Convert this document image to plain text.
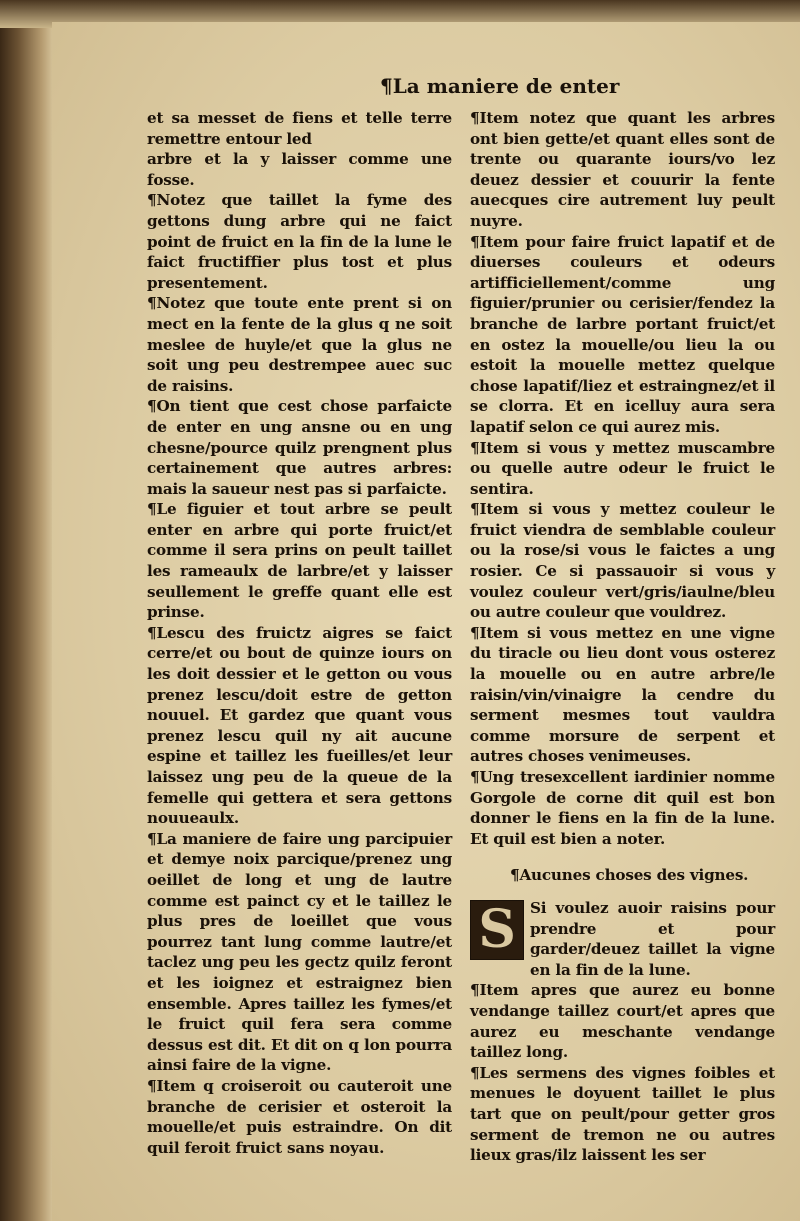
¶La maniere de enter

et sa messet de fiens et telle terre remettre entour led

arbre et la y laisser comme une fosse.

¶Notez que taillet la fyme des gettons dung arbre qui ne faict point de fruict en la fin de la lune le faict fructiffier plus tost et plus presentement.

¶Notez que toute ente prent si on mect en la fente de la glus q ne soit meslee de huyle/et que la glus ne soit ung peu destrempee auec suc de raisins.

¶On tient que cest chose parfaicte de enter en ung ansne ou en ung chesne/pource quilz prengnent plus certainement que autres arbres: mais la saueur nest pas si parfaicte.

¶Le figuier et tout arbre se peult enter en arbre qui porte fruict/et comme il sera prins on peult taillet les rameaulx de larbre/et y laisser seullement le greffe quant elle est prinse.

¶Lescu des fruictz aigres se faict cerre/et ou bout de quinze iours on les doit dessier et le getton ou vous prenez lescu/doit estre de getton nouuel. Et gardez que quant vous prenez lescu quil ny ait aucune espine et taillez les fueilles/et leur laissez ung peu de la queue de la femelle qui gettera et sera gettons nouueaulx.

¶La maniere de faire ung parcipuier et demye noix parcique/prenez ung oeillet de long et ung de lautre comme est painct cy et le taillez le plus pres de loeillet que vous pourrez tant lung comme lautre/et taclez ung peu les gectz quilz feront et les ioignez et estraignez bien ensemble. Apres taillez les fymes/et le fruict quil fera sera comme dessus est dit. Et dit on q lon pourra ainsi faire de la vigne.

¶Item q croiseroit ou cauteroit une branche de cerisier et osteroit la mouelle/et puis estraindre. On dit quil feroit fruict sans noyau.

¶Item notez que quant les arbres ont bien gette/et quant elles sont de trente ou quarante iours/vo lez deuez dessier et couurir la fente auecques cire autrement luy peult nuyre.

¶Item pour faire fruict lapatif et de diuerses couleurs et odeurs artifficiellement/comme ung figuier/prunier ou cerisier/fendez la branche de larbre portant fruict/et en ostez la mouelle/ou lieu la ou estoit la mouelle mettez quelque chose lapatif/liez et estraingnez/et il se clorra. Et en icelluy aura sera lapatif selon ce qui aurez mis.

¶Item si vous y mettez muscambre ou quelle autre odeur le fruict le sentira.

¶Item si vous y mettez couleur le fruict viendra de semblable couleur ou la rose/si vous le faictes a ung rosier. Ce si passauoir si vous y voulez couleur vert/gris/iaulne/bleu ou autre couleur que vouldrez.

¶Item si vous mettez en une vigne du tiracle ou lieu dont vous osterez la mouelle ou en autre arbre/le raisin/vin/vinaigre la cendre du serment mesmes tout vauldra comme morsure de serpent et autres choses venimeuses.

¶Ung tresexcellent iardinier nomme Gorgole de corne dit quil est bon donner le fiens en la fin de la lune. Et quil est bien a noter.

¶Aucunes choses des vignes.

S Si voulez auoir raisins pour prendre et pour garder/deuez taillet la vigne en la fin de la lune.

¶Item apres que aurez eu bonne vendange taillez court/et apres que aurez eu meschante vendange taillez long.

¶Les sermens des vignes foibles et menues le doyuent taillet le plus tart que on peult/pour getter gros serment de tremon ne ou autres lieux gras/ilz laissent les ser
